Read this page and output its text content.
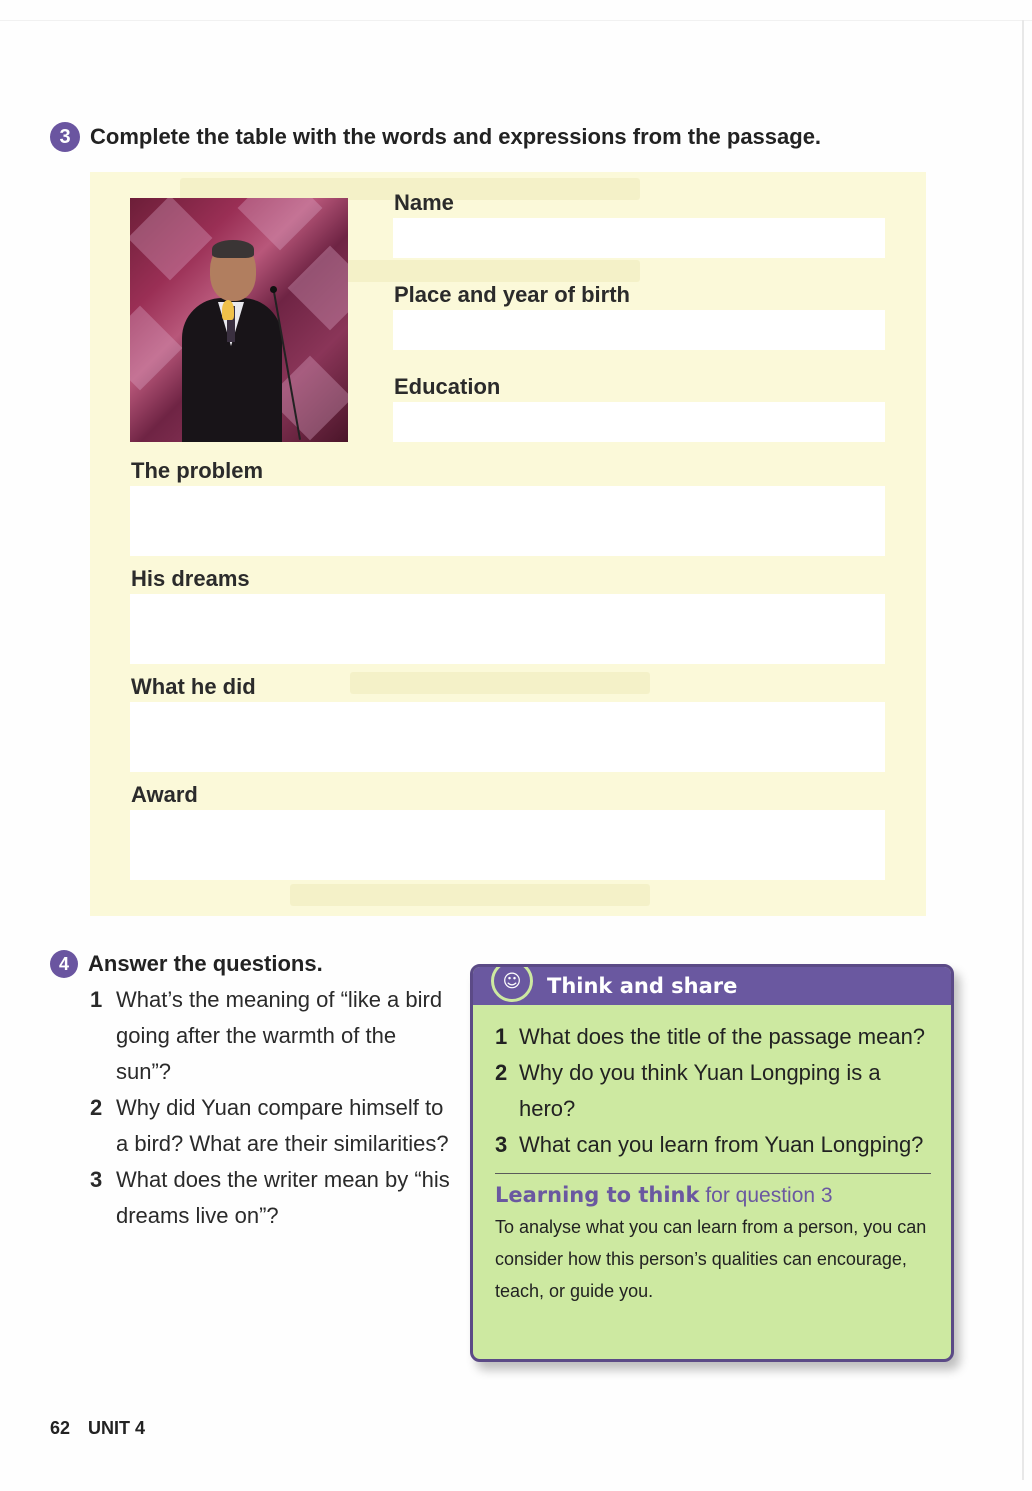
3 Complete the table with the words and expressions from the passage.
Name
Place and year of birth
Education
The problem
His dreams
What he did
Award
4 Answer the questions.
1 What’s the meaning of “like a bird going after the warmth of the sun”?
2 Why did Yuan compare himself to a bird? What are their similarities?
3 What does the writer mean by “his dreams live on”?
☺	Think and share
1 What does the title of the passage mean?
2 Why do you think Yuan Longping is a hero?
3 What can you learn from Yuan Longping?
Learning to think for question 3
To analyse what you can learn from a person, you can consider how this person’s qualities can encourage, teach, or guide you.
62 UNIT 4
